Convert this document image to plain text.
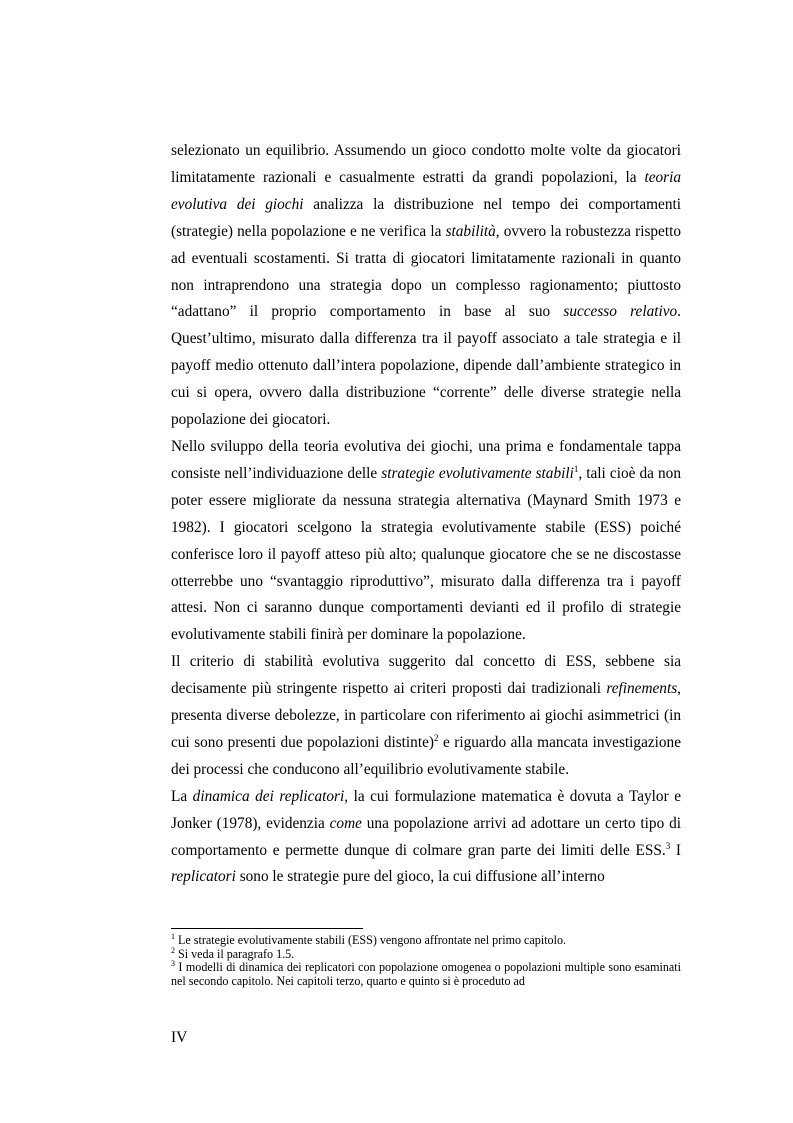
selezionato un equilibrio. Assumendo un gioco condotto molte volte da giocatori limitatamente razionali e casualmente estratti da grandi popolazioni, la teoria evolutiva dei giochi analizza la distribuzione nel tempo dei comportamenti (strategie) nella popolazione e ne verifica la stabilità, ovvero la robustezza rispetto ad eventuali scostamenti. Si tratta di giocatori limitatamente razionali in quanto non intraprendono una strategia dopo un complesso ragionamento; piuttosto “adattano” il proprio comportamento in base al suo successo relativo. Quest’ultimo, misurato dalla differenza tra il payoff associato a tale strategia e il payoff medio ottenuto dall’intera popolazione, dipende dall’ambiente strategico in cui si opera, ovvero dalla distribuzione “corrente” delle diverse strategie nella popolazione dei giocatori.

Nello sviluppo della teoria evolutiva dei giochi, una prima e fondamentale tappa consiste nell’individuazione delle strategie evolutivamente stabili$^1$, tali cioè da non poter essere migliorate da nessuna strategia alternativa (Maynard Smith 1973 e 1982). I giocatori scelgono la strategia evolutivamente stabile (ESS) poiché conferisce loro il payoff atteso più alto; qualunque giocatore che se ne discostasse otterrebbe uno “svantaggio riproduttivo”, misurato dalla differenza tra i payoff attesi. Non ci saranno dunque comportamenti devianti ed il profilo di strategie evolutivamente stabili finirà per dominare la popolazione.

Il criterio di stabilità evolutiva suggerito dal concetto di ESS, sebbene sia decisamente più stringente rispetto ai criteri proposti dai tradizionali refinements, presenta diverse debolezze, in particolare con riferimento ai giochi asimmetrici (in cui sono presenti due popolazioni distinte)$^2$ e riguardo alla mancata investigazione dei processi che conducono all’equilibrio evolutivamente stabile.

La dinamica dei replicatori, la cui formulazione matematica è dovuta a Taylor e Jonker (1978), evidenzia come una popolazione arrivi ad adottare un certo tipo di comportamento e permette dunque di colmare gran parte dei limiti delle ESS.$^3$ I replicatori sono le strategie pure del gioco, la cui diffusione all’interno

$^1$ Le strategie evolutivamente stabili (ESS) vengono affrontate nel primo capitolo.

$^2$ Si veda il paragrafo 1.5.

$^3$ I modelli di dinamica dei replicatori con popolazione omogenea o popolazioni multiple sono esaminati nel secondo capitolo. Nei capitoli terzo, quarto e quinto si è proceduto ad

IV
